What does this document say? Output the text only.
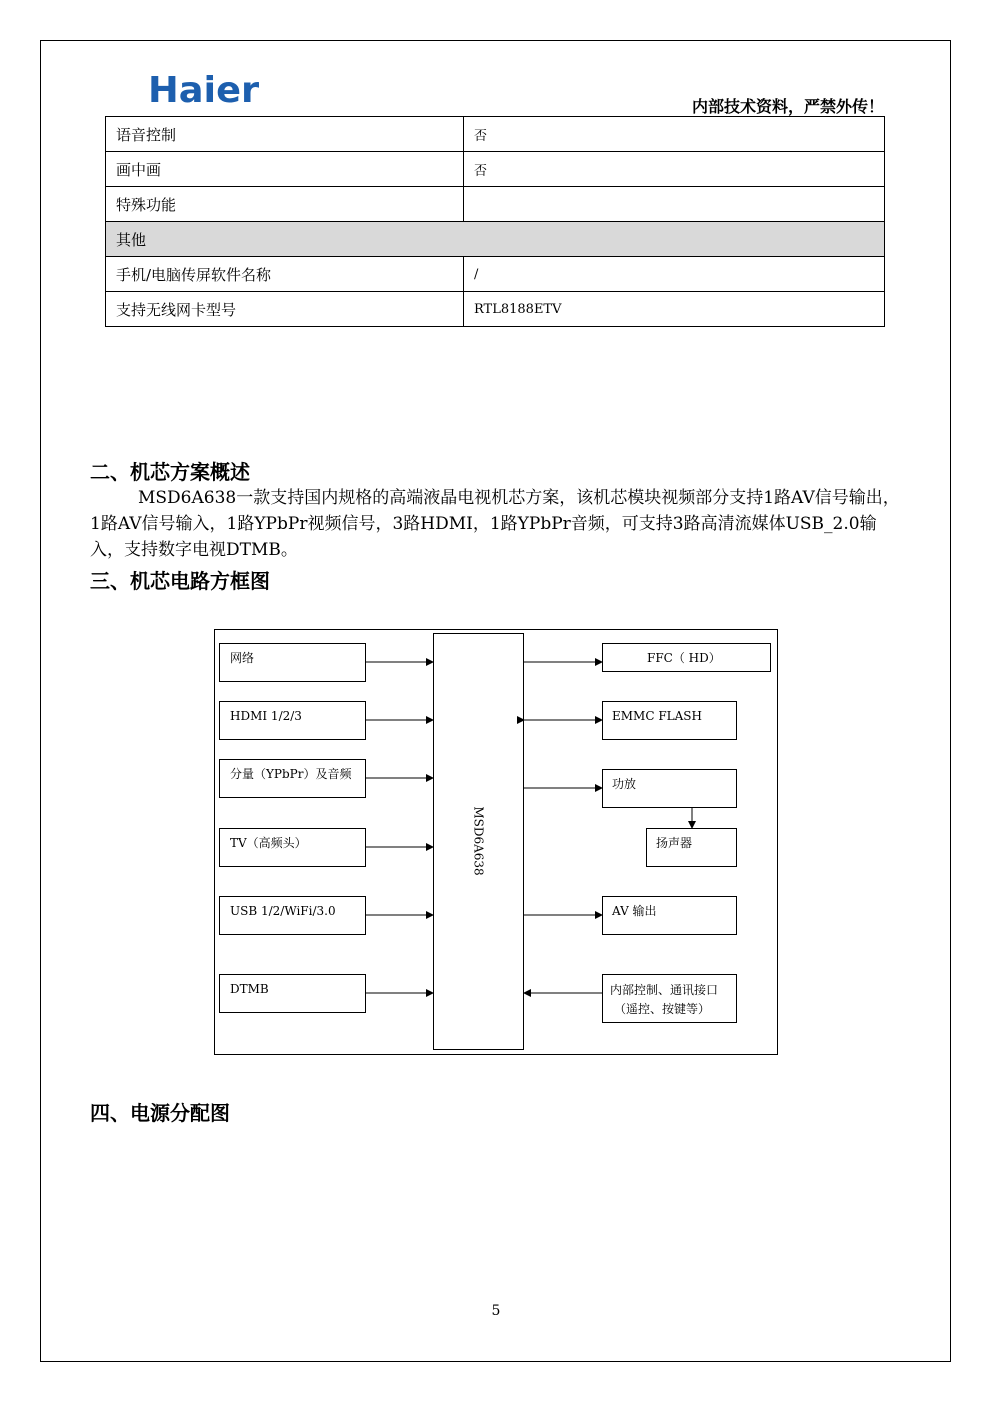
Haier	内部技术资料，严禁外传！
语音控制	否
画中画	否
特殊功能	
其他	
手机/电脑传屏软件名称	/
支持无线网卡型号	RTL8188ETV
二、机芯方案概述
MSD6A638一款支持国内规格的高端液晶电视机芯方案，该机芯模块视频部分支持1路AV信号输出，1路AV信号输入，1路YPbPr视频信号，3路HDMI，1路YPbPr音频，可支持3路高清流媒体USB_2.0输入，支持数字电视DTMB。
三、机芯电路方框图
MSD6A638
网络
HDMI 1/2/3
分量（YPbPr）及音频
TV（高频头）
USB 1/2/WiFi/3.0
DTMB
FFC（ HD）
EMMC FLASH
功放
扬声器
AV 输出
内部控制、通讯接口
（遥控、按键等）
四、电源分配图
5
